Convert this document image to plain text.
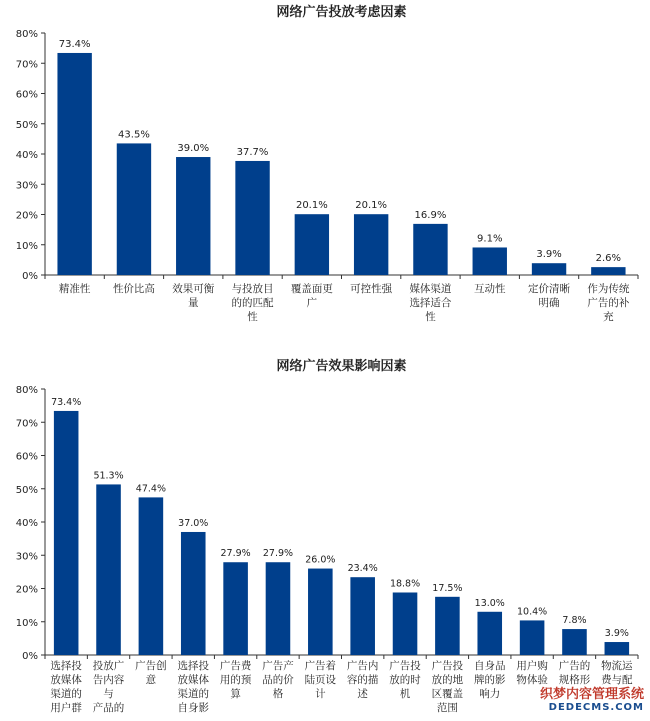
网络广告投放考虑因素
0%
10%
20%
30%
40%
50%
60%
70%
80%
73.4%
精准性
43.5%
性价比高
39.0%
效果可衡量
37.7%
与投放目的的匹配性
20.1%
覆盖面更广
20.1%
可控性强
16.9%
媒体渠道选择适合性
9.1%
互动性
3.9%
定价清晰明确
2.6%
作为传统广告的补充
网络广告效果影响因素
0%
10%
20%
30%
40%
50%
60%
70%
80%
73.4%
选择投放媒体渠道的用户群
51.3%
投放广告内容与产品的
47.4%
广告创意
37.0%
选择投放媒体渠道的自身影
27.9%
广告费用的预算
27.9%
广告产品的价格
26.0%
广告着陆页设计
23.4%
广告内容的描述
18.8%
广告投放的时机
17.5%
广告投放的地区覆盖范围
13.0%
自身品牌的影响力
10.4%
用户购物体验
7.8%
广告的规格形
3.9%
物流运费与配
织梦内容管理系统
DEDECMS.COM
